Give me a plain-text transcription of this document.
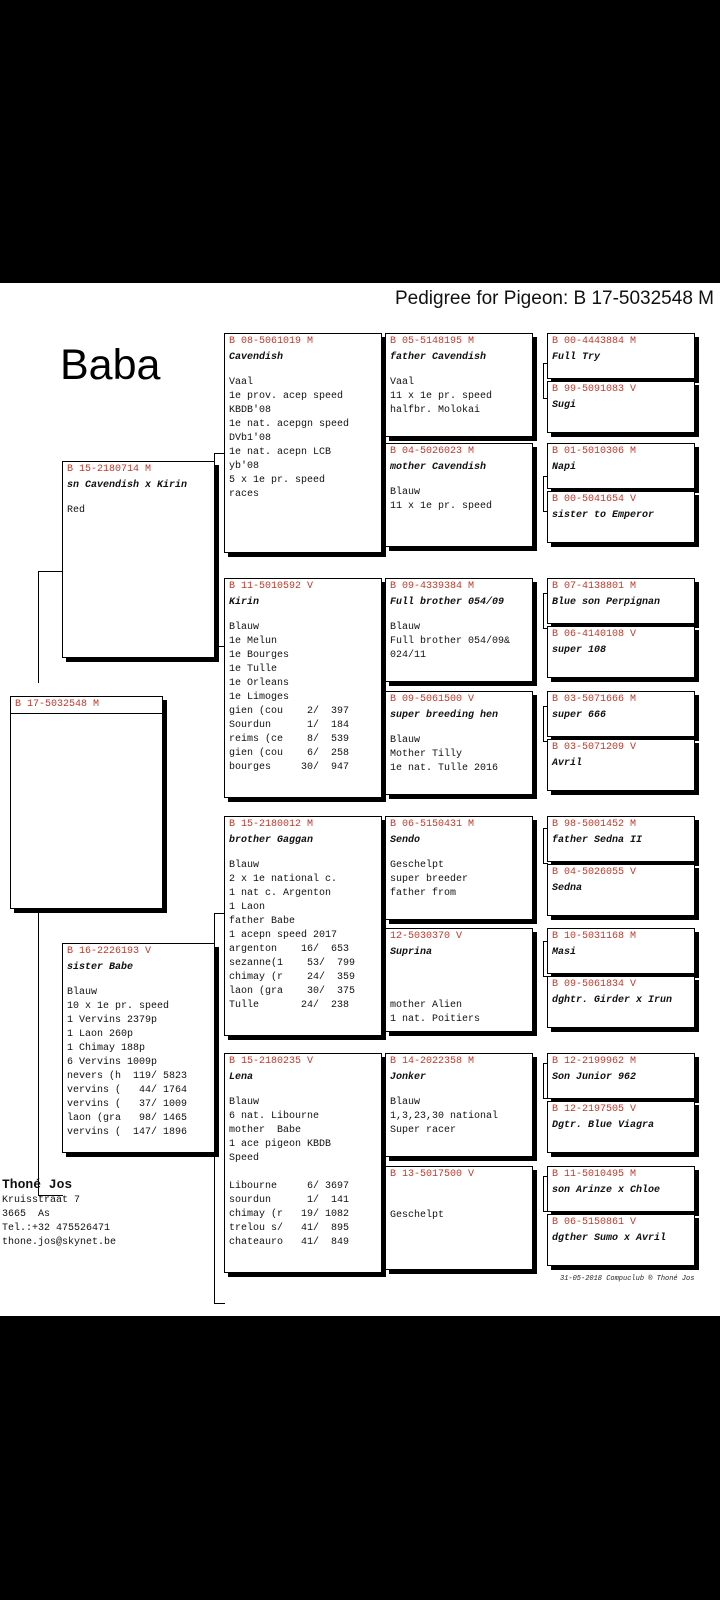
Pedigree for Pigeon: B 17-5032548 M
Baba
B 17-5032548 M
B 15-2180714 M
sn Cavendish x Kirin
Red
B 16-2226193 V
sister Babe
Blauw
10 x 1e pr. speed
1 Vervins 2379p
1 Laon 260p
1 Chimay 188p
6 Vervins 1009p
nevers (h  119/ 5823
vervins (   44/ 1764
vervins (   37/ 1009
laon (gra   98/ 1465
vervins (  147/ 1896
B 08-5061019 M
Cavendish
Vaal
1e prov. acep speed
KBDB'08
1e nat. acepgn speed
DVb1'08
1e nat. acepn LCB
yb'08
5 x 1e pr. speed
races
B 11-5010592 V
Kirin
Blauw
1e Melun
1e Bourges
1e Tulle
1e Orleans
1e Limoges
gien (cou    2/  397
Sourdun      1/  184
reims (ce    8/  539
gien (cou    6/  258
bourges     30/  947
B 15-2180012 M
brother Gaggan
Blauw
2 x 1e national c.
1 nat c. Argenton
1 Laon
father Babe
1 acepn speed 2017
argenton    16/  653
sezanne(1    53/  799
chimay (r    24/  359
laon (gra    30/  375
Tulle       24/  238
B 15-2180235 V
Lena
Blauw
6 nat. Libourne
mother  Babe
1 ace pigeon KBDB
Speed
Libourne     6/ 3697
sourdun      1/  141
chimay (r   19/ 1082
trelou s/   41/  895
chateauro   41/  849
B 05-5148195 M
father Cavendish
Vaal
11 x 1e pr. speed
halfbr. Molokai
B 04-5026023 M
mother Cavendish
Blauw
11 x 1e pr. speed
B 09-4339384 M
Full brother 054/09
Blauw
Full brother 054/09&
024/11
B 09-5061500 V
super breeding hen
Blauw
Mother Tilly
1e nat. Tulle 2016
B 06-5150431 M
Sendo
Geschelpt
super breeder
father from
12-5030370 V
Suprina
mother Alien
1 nat. Poitiers
B 14-2022358 M
Jonker
Blauw
1,3,23,30 national
Super racer
B 13-5017500 V
Geschelpt
B 00-4443884 M
Full Try
B 99-5091083 V
Sugi
B 01-5010306 M
Napi
B 00-5041654 V
sister to Emperor
B 07-4138801 M
Blue son Perpignan
B 06-4140108 V
super 108
B 03-5071666 M
super 666
B 03-5071209 V
Avril
B 98-5001452 M
father Sedna II
B 04-5026055 V
Sedna
B 10-5031168 M
Masi
B 09-5061834 V
dghtr. Girder x Irun
B 12-2199962 M
Son Junior 962
B 12-2197505 V
Dgtr. Blue Viagra
B 11-5010495 M
son Arinze x Chloe
B 06-5150861 V
dgther Sumo x Avril
Thoné Jos
Kruisstraat 7
3665  As
Tel.:+32 475526471
thone.jos@skynet.be
31-05-2018 Compuclub ® Thoné Jos
